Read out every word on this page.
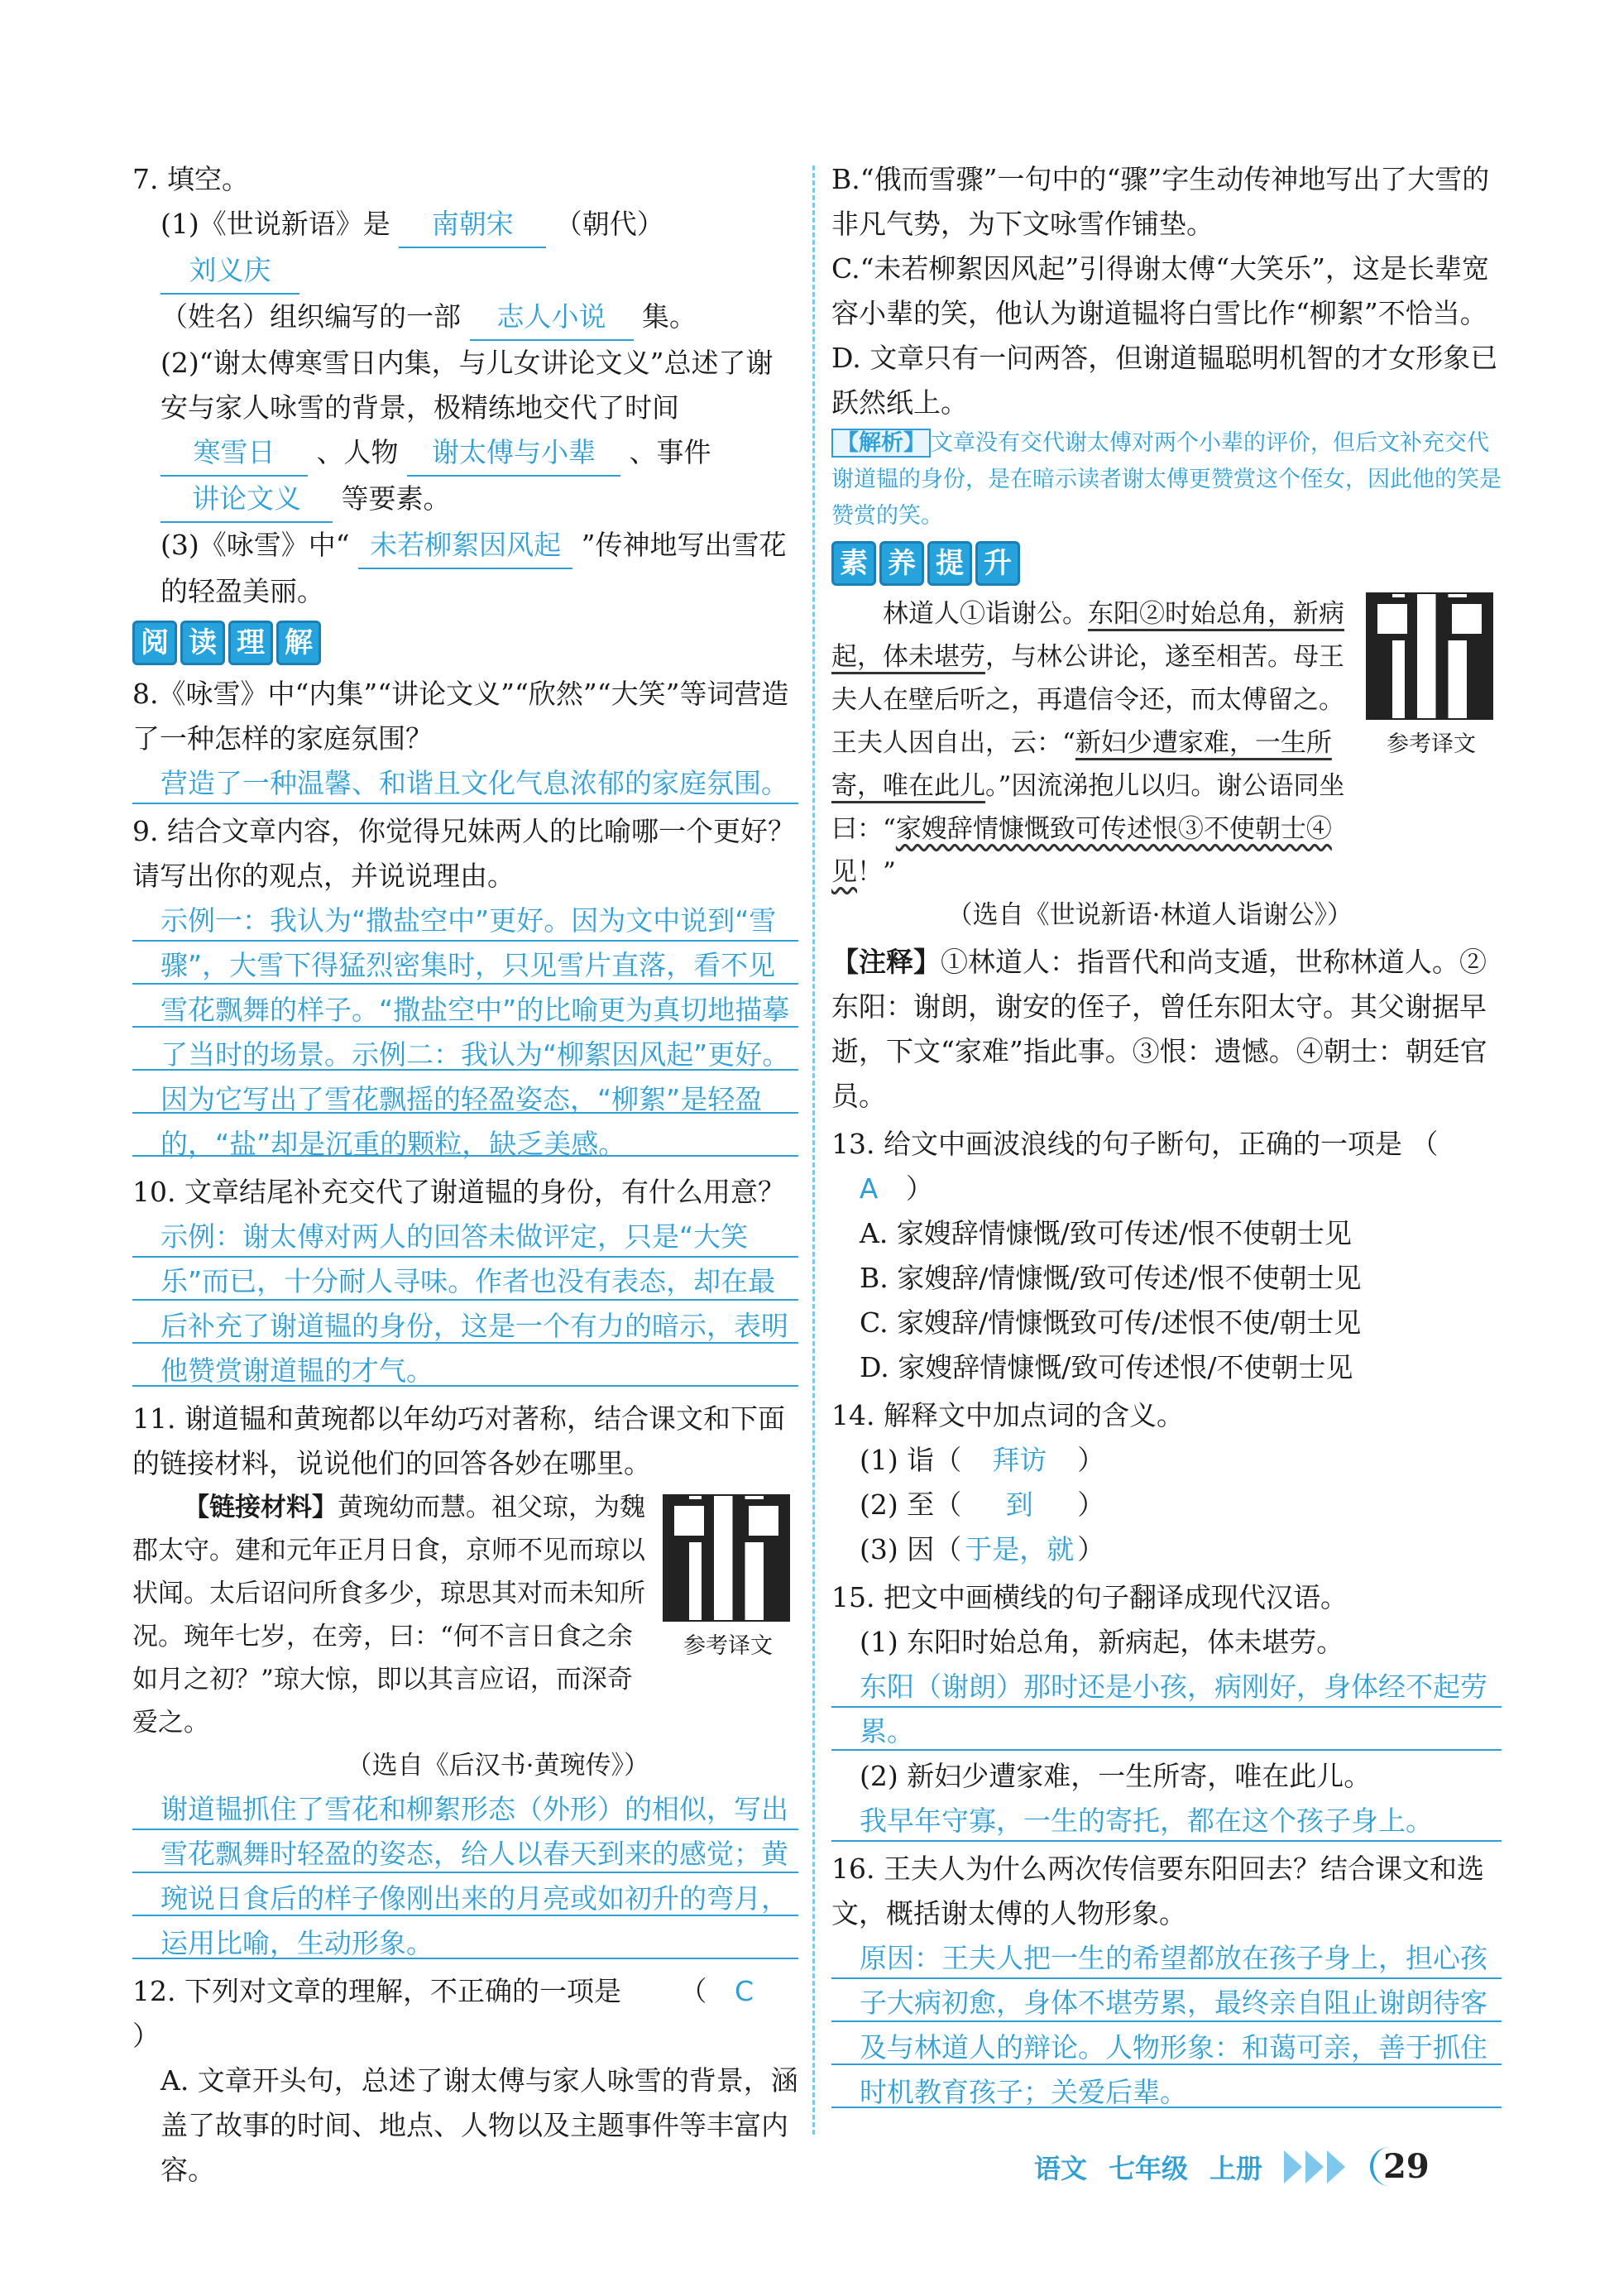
7. 填空。
(1)《世说新语》是 南朝宋 （朝代） 刘义庆
（姓名）组织编写的一部 志人小说 集。
(2)“谢太傅寒雪日内集，与儿女讲论文义”总述了谢安与家人咏雪的背景，极精练地交代了时间 寒雪日 、人物 谢太傅与小辈 、事件
讲论文义 等要素。
(3)《咏雪》中“ 未若柳絮因风起 ”传神地写出雪花的轻盈美丽。
阅 读 理 解
8.《咏雪》中“内集”“讲论文义”“欣然”“大笑”等词营造了一种怎样的家庭氛围？
营造了一种温馨、和谐且文化气息浓郁的家庭氛围。
9. 结合文章内容，你觉得兄妹两人的比喻哪一个更好？请写出你的观点，并说说理由。
示例一：我认为“撒盐空中”更好。因为文中说到“雪骤”，大雪下得猛烈密集时，只见雪片直落，看不见雪花飘舞的样子。“撒盐空中”的比喻更为真切地描摹了当时的场景。示例二：我认为“柳絮因风起”更好。因为它写出了雪花飘摇的轻盈姿态，“柳絮”是轻盈的，“盐”却是沉重的颗粒，缺乏美感。
10. 文章结尾补充交代了谢道韫的身份，有什么用意？
示例：谢太傅对两人的回答未做评定，只是“大笑乐”而已，十分耐人寻味。作者也没有表态，却在最后补充了谢道韫的身份，这是一个有力的暗示，表明他赞赏谢道韫的才气。
11. 谢道韫和黄琬都以年幼巧对著称，结合课文和下面的链接材料，说说他们的回答各妙在哪里。
【链接材料】黄琬幼而慧。祖父琼，为魏郡太守。建和元年正月日食，京师不见而琼以状闻。太后诏问所食多少，琼思其对而未知所况。琬年七岁，在旁，曰：“何不言日食之余如月之初？”琼大惊，即以其言应诏，而深奇爱之。
（选自《后汉书·黄琬传》）
参考译文
谢道韫抓住了雪花和柳絮形态（外形）的相似，写出雪花飘舞时轻盈的姿态，给人以春天到来的感觉；黄琬说日食后的样子像刚出来的月亮或如初升的弯月，运用比喻，生动形象。
12. 下列对文章的理解，不正确的一项是 （ C）
A. 文章开头句，总述了谢太傅与家人咏雪的背景，涵盖了故事的时间、地点、人物以及主题事件等丰富内容。
B.“俄而雪骤”一句中的“骤”字生动传神地写出了大雪的非凡气势，为下文咏雪作铺垫。
C.“未若柳絮因风起”引得谢太傅“大笑乐”，这是长辈宽容小辈的笑，他认为谢道韫将白雪比作“柳絮”不恰当。
D. 文章只有一问两答，但谢道韫聪明机智的才女形象已跃然纸上。
【解析】 文章没有交代谢太傅对两个小辈的评价，但后文补充交代谢道韫的身份，是在暗示读者谢太傅更赞赏这个侄女，因此他的笑是赞赏的笑。
素 养 提 升
林道人①诣谢公。东阳②时始总角，新病起，体未堪劳，与林公讲论，遂至相苦。母王夫人在壁后听之，再遣信令还，而太傅留之。王夫人因自出，云：“新妇少遭家难，一生所寄，唯在此儿。”因流涕抱儿以归。谢公语同坐曰：“家嫂辞情慷慨致可传述恨③不使朝士④见！”
（选自《世说新语·林道人诣谢公》）
参考译文
【注释】①林道人：指晋代和尚支遁，世称林道人。②东阳：谢朗，谢安的侄子，曾任东阳太守。其父谢据早逝，下文“家难”指此事。③恨：遗憾。④朝士：朝廷官员。
13. 给文中画波浪线的句子断句，正确的一项是 （A ）
A. 家嫂辞情慷慨/致可传述/恨不使朝士见
B. 家嫂辞/情慷慨/致可传述/恨不使朝士见
C. 家嫂辞/情慷慨致可传/述恨不使/朝士见
D. 家嫂辞情慷慨/致可传述恨/不使朝士见
14. 解释文中加点词的含义。
(1) 诣（ 拜访 ）
(2) 至（ 到 ）
(3) 因（ 于是，就 ）
15. 把文中画横线的句子翻译成现代汉语。
(1) 东阳时始总角，新病起，体未堪劳。
东阳（谢朗）那时还是小孩，病刚好，身体经不起劳累。
(2) 新妇少遭家难，一生所寄，唯在此儿。
我早年守寡，一生的寄托，都在这个孩子身上。
16. 王夫人为什么两次传信要东阳回去？结合课文和选文，概括谢太傅的人物形象。
原因：王夫人把一生的希望都放在孩子身上，担心孩子大病初愈，身体不堪劳累，最终亲自阻止谢朗待客及与林道人的辩论。人物形象：和蔼可亲，善于抓住时机教育孩子；关爱后辈。
语文 七年级 上册	29
